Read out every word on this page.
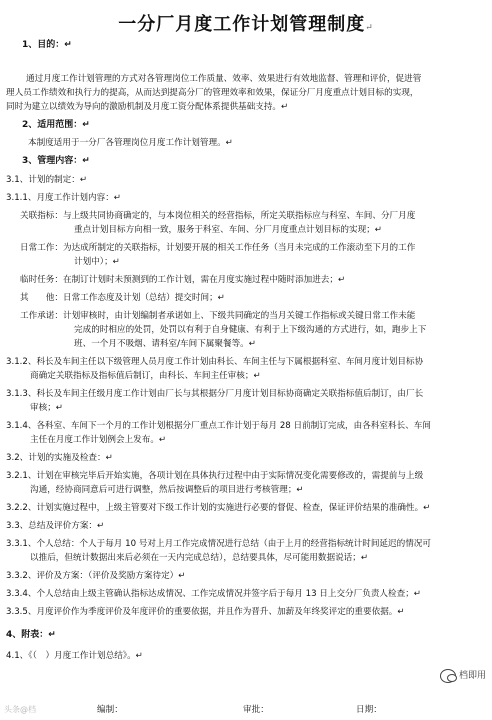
一分厂月度工作计划管理制度↵
1、目的：↵
通过月度工作计划管理的方式对各管理岗位工作质量、效率、效果进行有效地监督、管理和评价，促进管
理人员工作绩效和执行力的提高，从而达到提高分厂的管理效率和效果，保证分厂月度重点计划目标的实现，
同时为建立以绩效为导向的激励机制及月度工资分配体系提供基础支持。↵
2、适用范围：↵
本制度适用于一分厂各管理岗位月度工作计划管理。↵
3、管理内容：↵
3.1、计划的制定：↵
3.1.1、月度工作计划内容：↵
关联指标：与上级共同协商确定的，与本岗位相关的经营指标，所定关联指标应与科室、车间、分厂月度
重点计划目标方向相一致，服务于科室、车间、分厂月度重点计划目标的实现；↵
日常工作：为达成所制定的关联指标，计划要开展的相关工作任务（当月未完成的工作滚动至下月的工作
计划中）；↵
临时任务：在制订计划时未预测到的工作计划，需在月度实施过程中随时添加进去；↵
其　　他：日常工作态度及计划（总结）提交时间；↵
工作承诺：计划审核时，由计划编制者承诺如上、下级共同确定的当月关键工作指标或关键日常工作未能
完成的时相应的处罚，处罚以有利于自身健康、有利于上下级沟通的方式进行，如，跑步上下
班、一个月不吸烟、请科室/车间下属聚餐等。↵
3.1.2、科长及车间主任以下级管理人员月度工作计划由科长、车间主任与下属根据科室、车间月度计划目标协
商确定关联指标及指标值后制订，由科长、车间主任审核；↵
3.1.3、科长及车间主任级月度工作计划由厂长与其根据分厂月度计划目标协商确定关联指标值后制订，由厂长
审核；↵
3.1.4、各科室、车间下一个月的工作计划根据分厂重点工作计划于每月 28 日前制订完成，由各科室科长、车间
主任在月度工作计划例会上发布。↵
3.2、计划的实施及检查：↵
3.2.1、计划在审核完毕后开始实施，各项计划在具体执行过程中由于实际情况变化需要修改的，需提前与上级
沟通，经协商同意后可进行调整，然后按调整后的项目进行考核管理；↵
3.2.2、计划实施过程中，上级主管要对下级工作计划的实施进行必要的督促、检查，保证评价结果的准确性。↵
3.3、总结及评价方案：↵
3.3.1、个人总结：个人于每月 10 号对上月工作完成情况进行总结（由于上月的经营指标统计时间延迟的情况可
以推后，但统计数据出来后必须在一天内完成总结），总结要具体，尽可能用数据说话；↵
3.3.2、评价及方案：（评价及奖励方案待定）↵
3.3.4、个人总结由上级主管确认指标达成情况、工作完成情况并签字后于每月 13 日上交分厂负责人检查；↵
3.3.5、月度评价作为季度评价及年度评价的重要依据，并且作为晋升、加薪及年终奖评定的重要依据。↵
4、附表：↵
4.1、《（　）月度工作计划总结》。↵
头条@档
档即用
编制：	审批：	日期：
